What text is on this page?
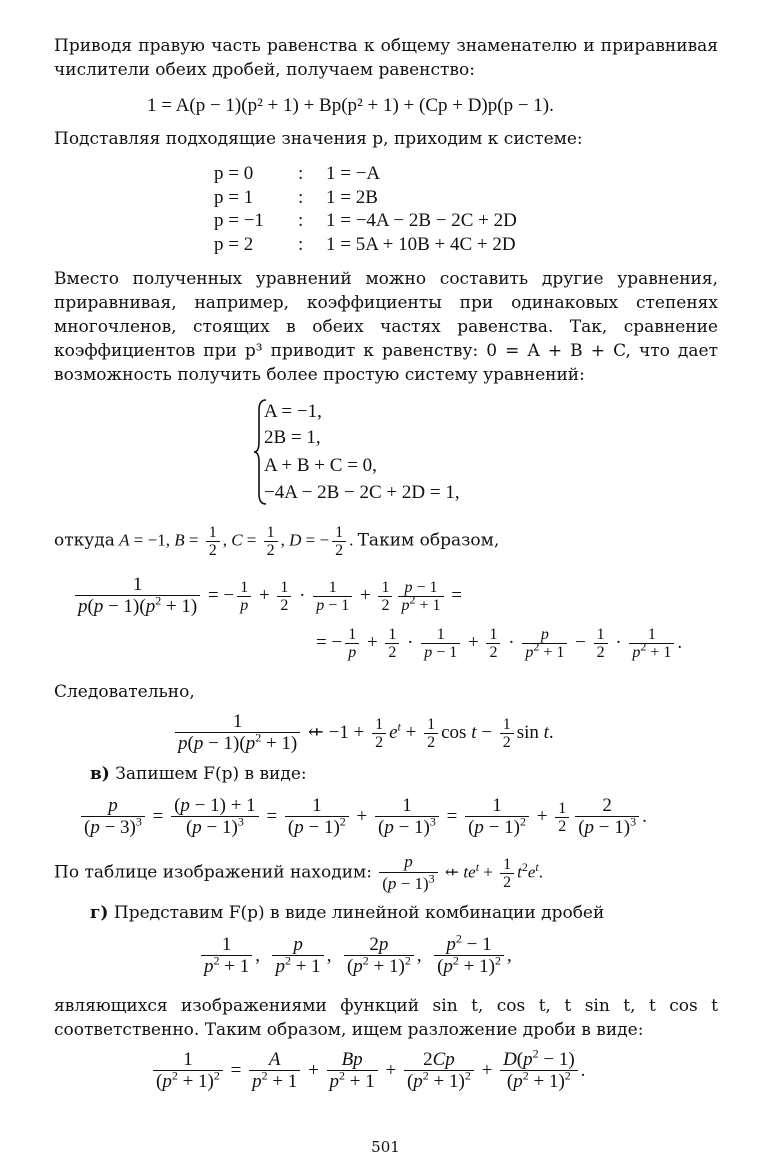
Приводя правую часть равенства к общему знаменателю и приравнивая числители обеих дробей, получаем равенство:
1 = A(p − 1)(p² + 1) + Bp(p² + 1) + (Cp + D)p(p − 1).
Подставляя подходящие значения p, приходим к системе:
p = 0 : 1 = −A
p = 1 : 1 = 2B
p = −1 : 1 = −4A − 2B − 2C + 2D
p = 2 : 1 = 5A + 10B + 4C + 2D
Вместо полученных уравнений можно составить другие уравнения, приравнивая, например, коэффициенты при одинаковых степенях многочленов, стоящих в обеих частях равенства. Так, сравнение коэффициентов при p³ приводит к равенству: 0 = A + B + C, что дает возможность получить более простую систему уравнений:
A = −1,
2B = 1,
A + B + C = 0,
−4A − 2B − 2C + 2D = 1,
откуда A = −1, $B = \frac{1}{2}$ , $C = \frac{1}{2}$ , D = − $\frac{1}{2}$ . Таким образом,
$\frac{1}{p(p - 1)(p^2 + 1)}$ = − $\frac{1}{p} + \frac{1}{2} \cdot \frac{1}{p - 1} + \frac{1}{2} \frac{p - 1}{p^2 + 1}$ =
= − $\frac{1}{p} + \frac{1}{2} \cdot \frac{1}{p - 1} + \frac{1}{2} \cdot \frac{p}{p^2 + 1} - \frac{1}{2} \cdot \frac{1}{p^2 + 1}$ .
Следовательно,
$\frac{1}{p(p - 1)(p^2 + 1)}$ ⇷ $-1 + \frac{1}{2} e^t + \frac{1}{2}$ $\cos t - \frac{1}{2}$ sin t.
в) Запишем F(p) в виде:
$\frac{p}{(p - 3)^3} = \frac{(p - 1) + 1}{(p - 1)^3} = \frac{1}{(p - 1)^2} + \frac{1}{(p - 1)^3} = \frac{1}{(p - 1)^2} + \frac{1}{2} \frac{2}{(p - 1)^3}$ .
По таблице изображений находим: $\frac{p}{(p - 1)^3}$ ⇷ $te^t + \frac{1}{2} t^2e^t$.
г) Представим F(p) в виде линейной комбинации дробей
$\frac{1}{p^2 + 1}$ , $\frac{p}{p^2 + 1}$ , $\frac{2p}{(p^2 + 1)^2}$ , $\frac{p^2 - 1}{(p^2 + 1)^2}$ ,
являющихся изображениями функций sin t, cos t, t sin t, t cos t соответственно. Таким образом, ищем разложение дроби в виде:
$\frac{1}{(p^2 + 1)^2} = \frac{A}{p^2 + 1} + \frac{Bp}{p^2 + 1} + \frac{2Cp}{(p^2 + 1)^2} + \frac{D(p^2 - 1)}{(p^2 + 1)^2}$ .
501
